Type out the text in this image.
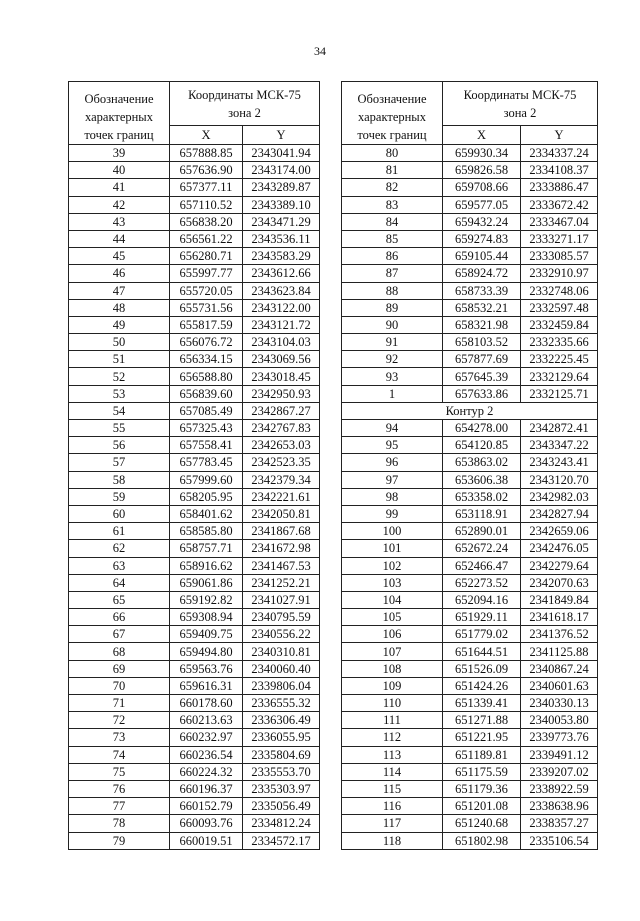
34
Обозначение характерных точек границ	Координаты МСК-75 зона 2	

	X	Y
39	657888.85	2343041.94
40	657636.90	2343174.00
41	657377.11	2343289.87
42	657110.52	2343389.10
43	656838.20	2343471.29
44	656561.22	2343536.11
45	656280.71	2343583.29
46	655997.77	2343612.66
47	655720.05	2343623.84
48	655731.56	2343122.00
49	655817.59	2343121.72
50	656076.72	2343104.03
51	656334.15	2343069.56
52	656588.80	2343018.45
53	656839.60	2342950.93
54	657085.49	2342867.27
55	657325.43	2342767.83
56	657558.41	2342653.03
57	657783.45	2342523.35
58	657999.60	2342379.34
59	658205.95	2342221.61
60	658401.62	2342050.81
61	658585.80	2341867.68
62	658757.71	2341672.98
63	658916.62	2341467.53
64	659061.86	2341252.21
65	659192.82	2341027.91
66	659308.94	2340795.59
67	659409.75	2340556.22
68	659494.80	2340310.81
69	659563.76	2340060.40
70	659616.31	2339806.04
71	660178.60	2336555.32
72	660213.63	2336306.49
73	660232.97	2336055.95
74	660236.54	2335804.69
75	660224.32	2335553.70
76	660196.37	2335303.97
77	660152.79	2335056.49
78	660093.76	2334812.24
79	660019.51	2334572.17
Обозначение характерных точек границ	Координаты МСК-75 зона 2	

	X	Y
80	659930.34	2334337.24
81	659826.58	2334108.37
82	659708.66	2333886.47
83	659577.05	2333672.42
84	659432.24	2333467.04
85	659274.83	2333271.17
86	659105.44	2333085.57
87	658924.72	2332910.97
88	658733.39	2332748.06
89	658532.21	2332597.48
90	658321.98	2332459.84
91	658103.52	2332335.66
92	657877.69	2332225.45
93	657645.39	2332129.64
1	657633.86	2332125.71
Контур 2		
94	654278.00	2342872.41
95	654120.85	2343347.22
96	653863.02	2343243.41
97	653606.38	2343120.70
98	653358.02	2342982.03
99	653118.91	2342827.94
100	652890.01	2342659.06
101	652672.24	2342476.05
102	652466.47	2342279.64
103	652273.52	2342070.63
104	652094.16	2341849.84
105	651929.11	2341618.17
106	651779.02	2341376.52
107	651644.51	2341125.88
108	651526.09	2340867.24
109	651424.26	2340601.63
110	651339.41	2340330.13
111	651271.88	2340053.80
112	651221.95	2339773.76
113	651189.81	2339491.12
114	651175.59	2339207.02
115	651179.36	2338922.59
116	651201.08	2338638.96
117	651240.68	2338357.27
118	651802.98	2335106.54
